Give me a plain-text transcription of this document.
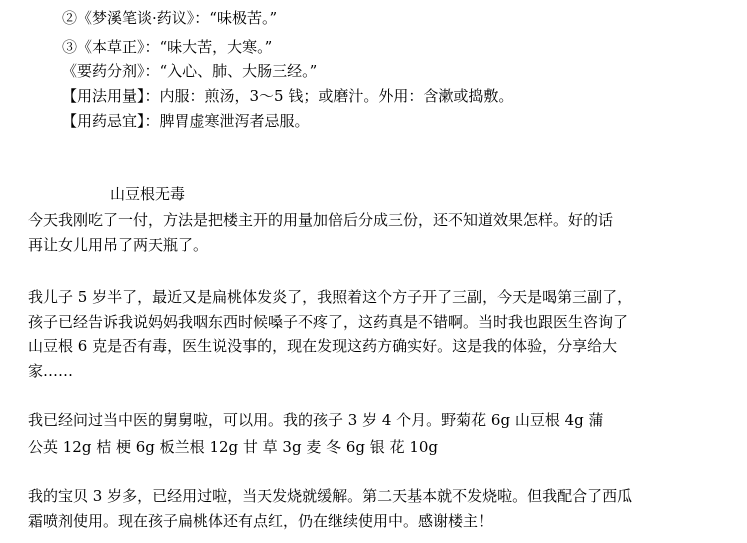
②《梦溪笔谈·药议》：“味极苦。”
③《本草正》：“味大苦，大寒。”
《要药分剂》：“入心、肺、大肠三经。”
【用法用量】：内服：煎汤，3～5 钱；或磨汁。外用：含漱或捣敷。
【用药忌宜】：脾胃虚寒泄泻者忌服。
山豆根无毒
今天我刚吃了一付，方法是把楼主开的用量加倍后分成三份，还不知道效果怎样。好的话
再让女儿用吊了两天瓶了。
我儿子 5 岁半了，最近又是扁桃体发炎了，我照着这个方子开了三副，今天是喝第三副了，
孩子已经告诉我说妈妈我咽东西时候嗓子不疼了，这药真是不错啊。当时我也跟医生咨询了
山豆根 6 克是否有毒，医生说没事的，现在发现这药方确实好。这是我的体验，分享给大
家……
我已经问过当中医的舅舅啦，可以用。我的孩子 3 岁 4 个月。野菊花 6g 山豆根 4g 蒲
公英 12g 桔 梗 6g 板兰根 12g 甘 草 3g 麦 冬 6g 银 花 10g
我的宝贝 3 岁多，已经用过啦，当天发烧就缓解。第二天基本就不发烧啦。但我配合了西瓜
霜喷剂使用。现在孩子扁桃体还有点红，仍在继续使用中。感谢楼主！
